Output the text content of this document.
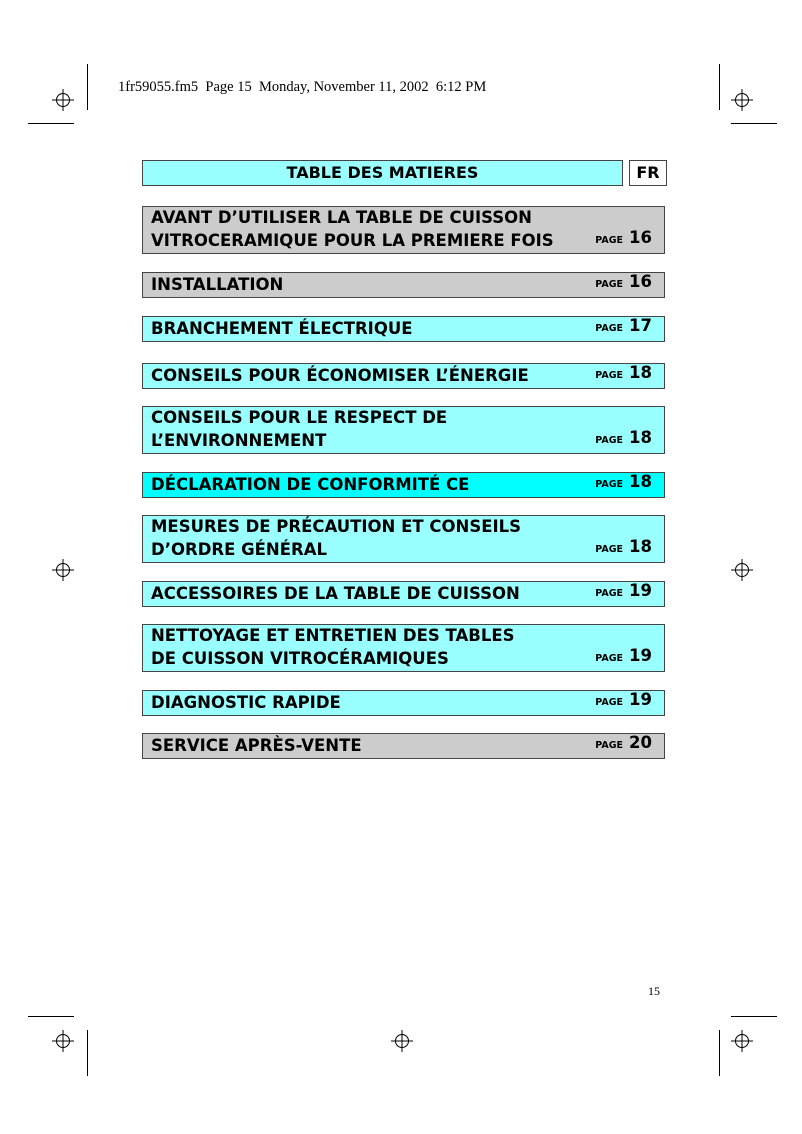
1fr59055.fm5  Page 15  Monday, November 11, 2002  6:12 PM
TABLE DES MATIERES	FR
AVANT D’UTILISER LA TABLE DE CUISSON
VITROCERAMIQUE POUR LA PREMIERE FOIS	PAGE 16
INSTALLATION	PAGE 16
BRANCHEMENT ÉLECTRIQUE	PAGE 17
CONSEILS POUR ÉCONOMISER L’ÉNERGIE	PAGE 18
CONSEILS POUR LE RESPECT DE
L’ENVIRONNEMENT	PAGE 18
DÉCLARATION DE CONFORMITÉ CE	PAGE 18
MESURES DE PRÉCAUTION ET CONSEILS
D’ORDRE GÉNÉRAL	PAGE 18
ACCESSOIRES DE LA TABLE DE CUISSON	PAGE 19
NETTOYAGE ET ENTRETIEN DES TABLES
DE CUISSON VITROCÉRAMIQUES	PAGE 19
DIAGNOSTIC RAPIDE	PAGE 19
SERVICE APRÈS-VENTE	PAGE 20
15
